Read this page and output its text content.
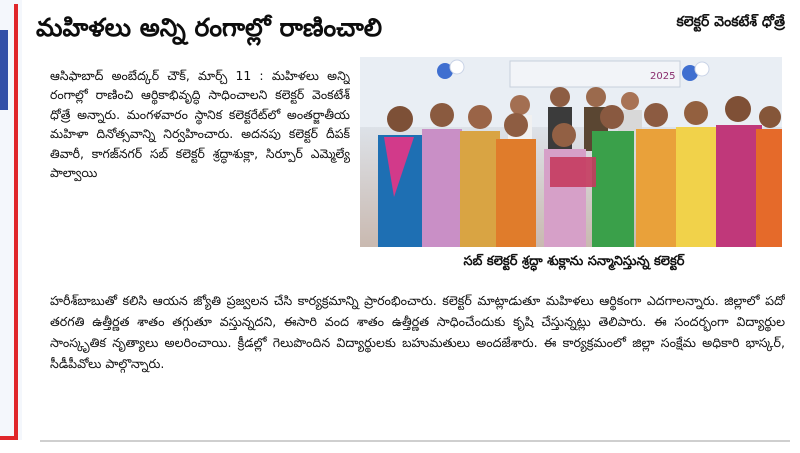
మహిళలు అన్ని రంగాల్లో రాణించాలి	కలెక్టర్ వెంకటేశ్ ధోత్రే

ఆసిఫాబాద్ అంబేద్కర్ చౌక్, మార్చ్ 11 : మహిళలు అన్ని రంగాల్లో రాణించి ఆర్థికాభివృద్ధి సాధించాలని కలెక్టర్ వెంకటేశ్ ధోత్రే అన్నారు. మంగళవారం స్థానిక కలెక్టరేట్‌లో అంతర్జాతీయ మహిళా దినోత్సవాన్ని నిర్వహించారు. అదనపు కలెక్టర్ దీపక్ తివారీ, కాగజ్‌నగర్ సబ్ కలెక్టర్ శ్రద్ధాశుక్లా, సిర్పూర్ ఎమ్మెల్యే పాల్వాయి

2025
సబ్ కలెక్టర్ శ్రద్ధా శుక్లాను సన్మానిస్తున్న కలెక్టర్

హరీశ్‌బాబుతో కలిసి ఆయన జ్యోతి ప్రజ్వలన చేసి కార్యక్రమాన్ని ప్రారంభించారు. కలెక్టర్ మాట్లాడుతూ మహిళలు ఆర్థికంగా ఎదగాలన్నారు. జిల్లాలో పదో తరగతి ఉత్తీర్ణత శాతం తగ్గుతూ వస్తున్నదని, ఈసారి వంద శాతం ఉత్తీర్ణత సాధించేందుకు కృషి చేస్తున్నట్లు తెలిపారు. ఈ సందర్భంగా విద్యార్థుల సాంస్కృతిక నృత్యాలు అలరించాయి. క్రీడల్లో గెలుపొందిన విద్యార్థులకు బహుమతులు అందజేశారు. ఈ కార్యక్రమంలో జిల్లా సంక్షేమ అధికారి భాస్కర్, సీడీపీవోలు పాల్గొన్నారు.
